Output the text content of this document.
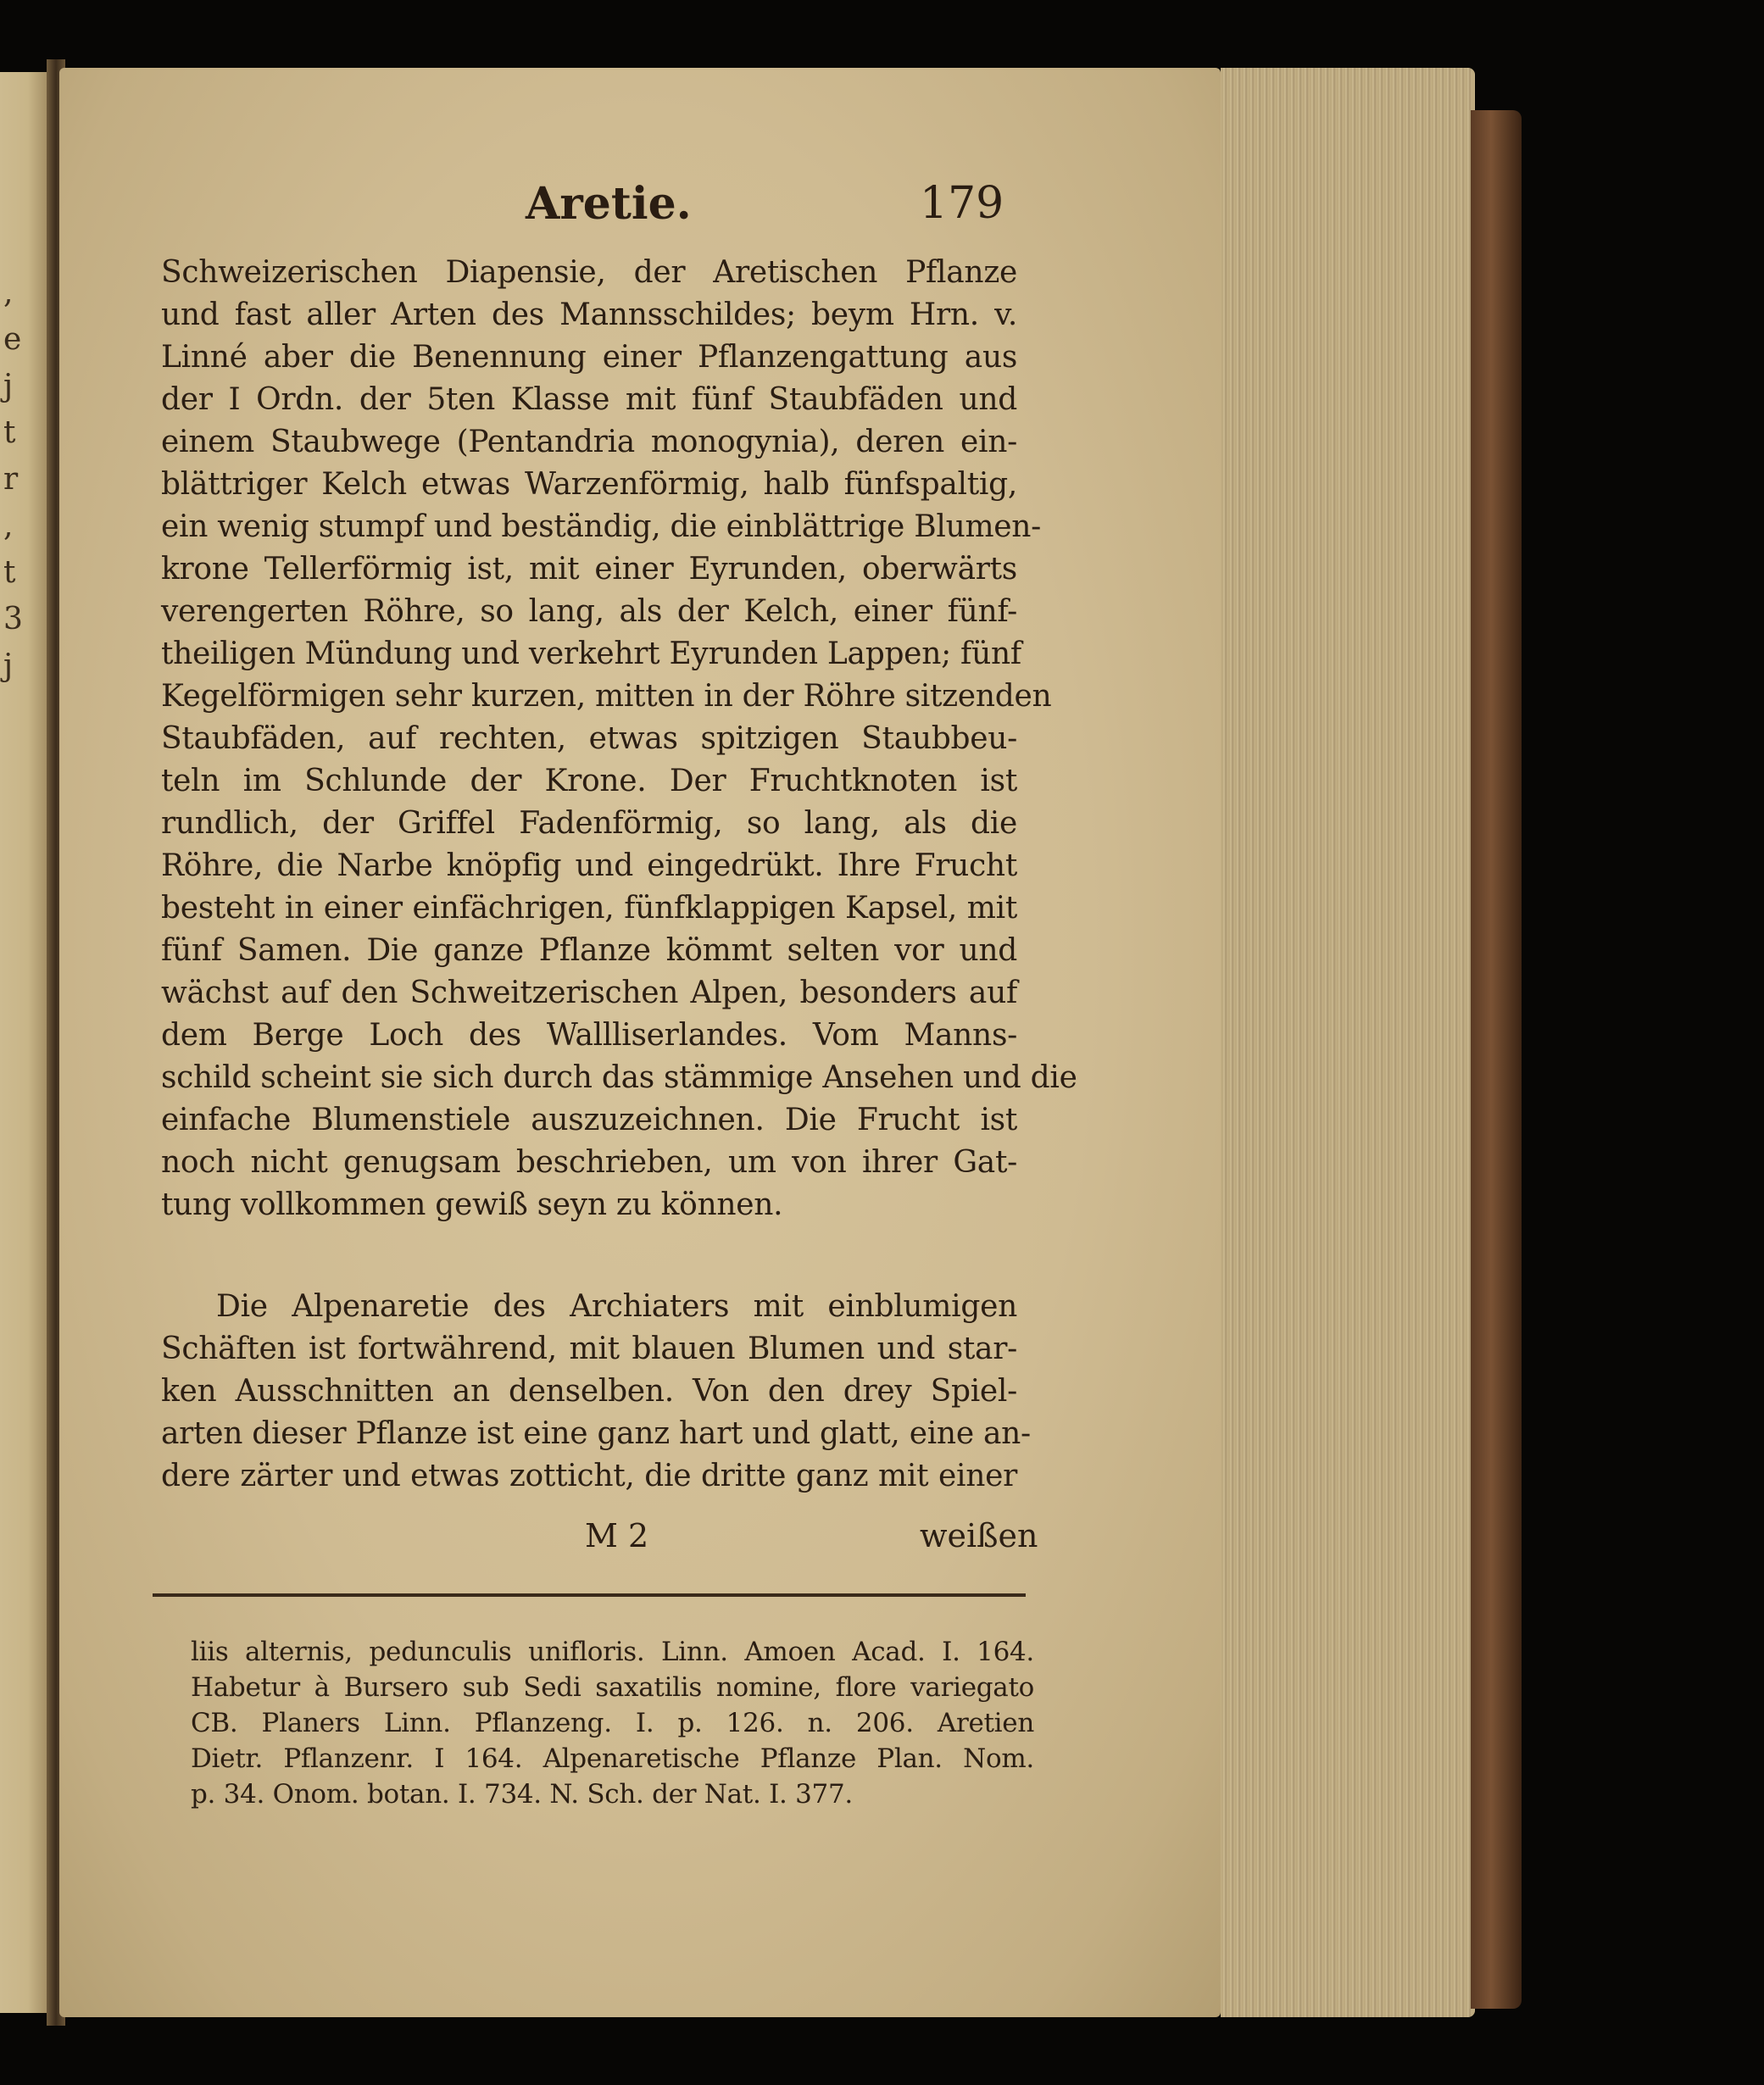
,
e
j
t
r
,
t
3
j
Aretie.	179
Schweizerischen Diapensie, der Aretischen Pflanze
und fast aller Arten des Mannsschildes; beym Hrn. v.
Linné aber die Benennung einer Pflanzengattung aus
der I Ordn. der 5ten Klasse mit fünf Staubfäden und
einem Staubwege (Pentandria monogynia), deren ein-
blättriger Kelch etwas Warzenförmig, halb fünfspaltig,
ein wenig stumpf und beständig, die einblättrige Blumen-
krone Tellerförmig ist, mit einer Eyrunden, oberwärts
verengerten Röhre, so lang, als der Kelch, einer fünf-
theiligen Mündung und verkehrt Eyrunden Lappen; fünf
Kegelförmigen sehr kurzen, mitten in der Röhre sitzenden
Staubfäden, auf rechten, etwas spitzigen Staubbeu-
teln im Schlunde der Krone. Der Fruchtknoten ist
rundlich, der Griffel Fadenförmig, so lang, als die
Röhre, die Narbe knöpfig und eingedrükt. Ihre Frucht
besteht in einer einfächrigen, fünfklappigen Kapsel, mit
fünf Samen. Die ganze Pflanze kömmt selten vor und
wächst auf den Schweitzerischen Alpen, besonders auf
dem Berge Loch des Wallliserlandes. Vom Manns-
schild scheint sie sich durch das stämmige Ansehen und die
einfache Blumenstiele auszuzeichnen. Die Frucht ist
noch nicht genugsam beschrieben, um von ihrer Gat-
tung vollkommen gewiß seyn zu können.
Die Alpenaretie des Archiaters mit einblumigen
Schäften ist fortwährend, mit blauen Blumen und star-
ken Ausschnitten an denselben. Von den drey Spiel-
arten dieser Pflanze ist eine ganz hart und glatt, eine an-
dere zärter und etwas zotticht, die dritte ganz mit einer
M 2	weißen
liis alternis, pedunculis unifloris. Linn. Amoen Acad. I. 164.
Habetur à Bursero sub Sedi saxatilis nomine, flore variegato
CB. Planers Linn. Pflanzeng. I. p. 126. n. 206. Aretien
Dietr. Pflanzenr. I 164. Alpenaretische Pflanze Plan. Nom.
p. 34. Onom. botan. I. 734. N. Sch. der Nat. I. 377.
